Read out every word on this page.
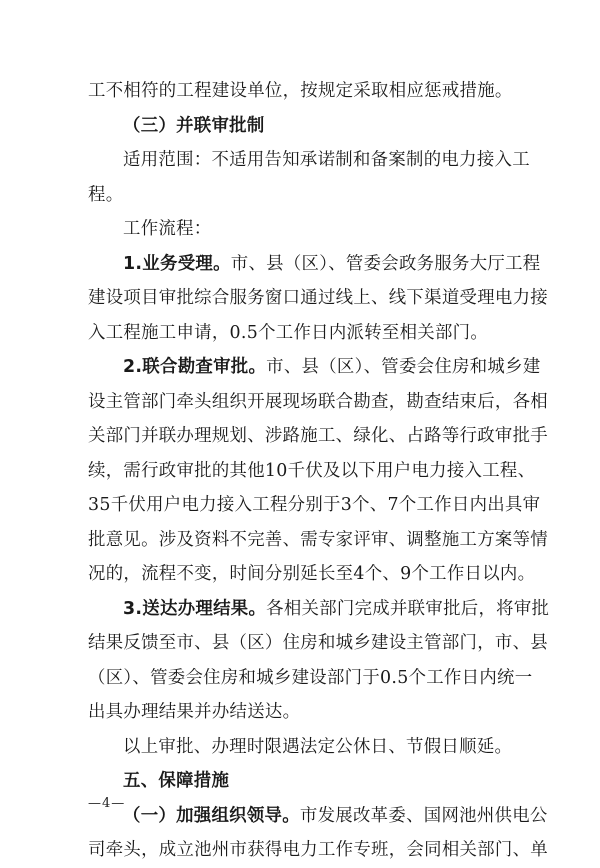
工不相符的工程建设单位，按规定采取相应惩戒措施。
（三）并联审批制
适用范围：不适用告知承诺制和备案制的电力接入工
程。
工作流程：
1.业务受理。市、县（区）、管委会政务服务大厅工程
建设项目审批综合服务窗口通过线上、线下渠道受理电力接
入工程施工申请，0.5个工作日内派转至相关部门。
2.联合勘查审批。市、县（区）、管委会住房和城乡建
设主管部门牵头组织开展现场联合勘查，勘查结束后，各相
关部门并联办理规划、涉路施工、绿化、占路等行政审批手
续，需行政审批的其他10千伏及以下用户电力接入工程、
35千伏用户电力接入工程分别于3个、7个工作日内出具审
批意见。涉及资料不完善、需专家评审、调整施工方案等情
况的，流程不变，时间分别延长至4个、9个工作日以内。
3.送达办理结果。各相关部门完成并联审批后，将审批
结果反馈至市、县（区）住房和城乡建设主管部门，市、县
（区）、管委会住房和城乡建设部门于0.5个工作日内统一
出具办理结果并办结送达。
以上审批、办理时限遇法定公休日、节假日顺延。
五、保障措施
（一）加强组织领导。市发展改革委、国网池州供电公
司牵头，成立池州市获得电力工作专班，会同相关部门、单
—4—
